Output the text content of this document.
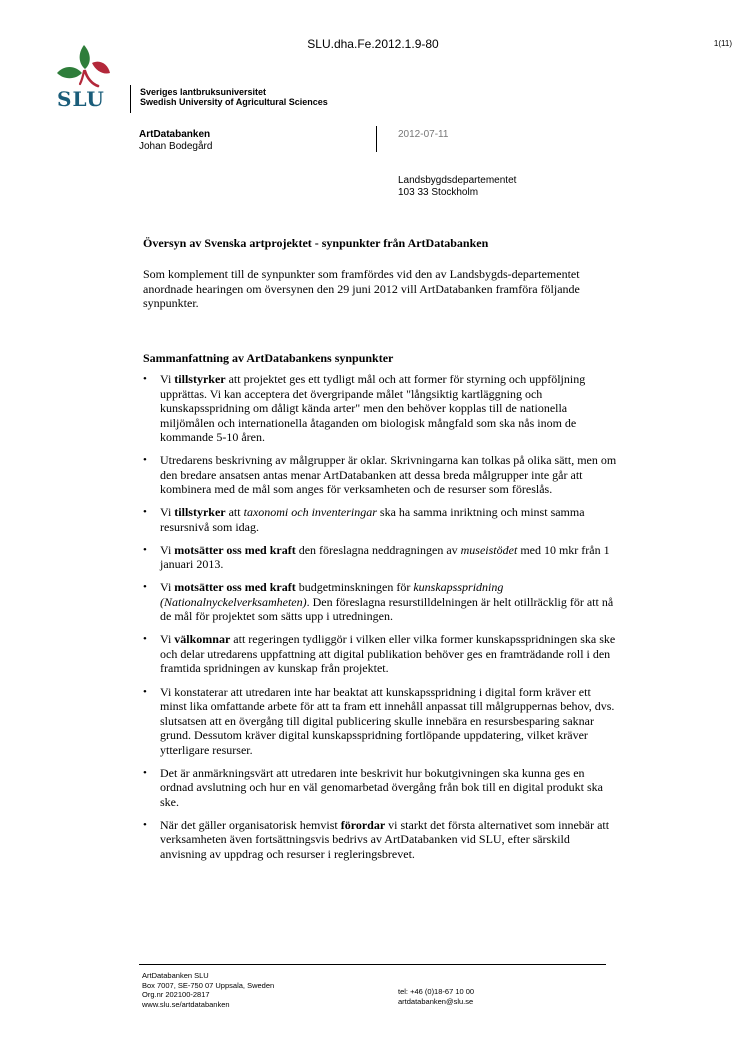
SLU.dha.Fe.2012.1.9-80	1(11)
SLU	Sveriges lantbruksuniversitet
Swedish University of Agricultural Sciences
ArtDatabanken
Johan Bodegård
2012-07-11
Landsbygdsdepartementet
103 33 Stockholm
Översyn av Svenska artprojektet - synpunkter från ArtDatabanken
Som komplement till de synpunkter som framfördes vid den av Landsbygds-departementet anordnade hearingen om översynen den 29 juni 2012 vill ArtDatabanken framföra följande synpunkter.
Sammanfattning av ArtDatabankens synpunkter
• Vi tillstyrker att projektet ges ett tydligt mål och att former för styrning och uppföljning upprättas. Vi kan acceptera det övergripande målet "långsiktig kartläggning och kunskapsspridning om dåligt kända arter" men den behöver kopplas till de nationella miljömålen och internationella åtaganden om biologisk mångfald som ska nås inom de kommande 5-10 åren.
• Utredarens beskrivning av målgrupper är oklar. Skrivningarna kan tolkas på olika sätt, men om den bredare ansatsen antas menar ArtDatabanken att dessa breda målgrupper inte går att kombinera med de mål som anges för verksamheten och de resurser som föreslås.
• Vi tillstyrker att taxonomi och inventeringar ska ha samma inriktning och minst samma resursnivå som idag.
• Vi motsätter oss med kraft den föreslagna neddragningen av museistödet med 10 mkr från 1 januari 2013.
• Vi motsätter oss med kraft budgetminskningen för kunskapsspridning (Nationalnyckelverksamheten). Den föreslagna resurstilldelningen är helt otillräcklig för att nå de mål för projektet som sätts upp i utredningen.
• Vi välkomnar att regeringen tydliggör i vilken eller vilka former kunskapsspridningen ska ske och delar utredarens uppfattning att digital publikation behöver ges en framträdande roll i den framtida spridningen av kunskap från projektet.
• Vi konstaterar att utredaren inte har beaktat att kunskapsspridning i digital form kräver ett minst lika omfattande arbete för att ta fram ett innehåll anpassat till målgruppernas behov, dvs. slutsatsen att en övergång till digital publicering skulle innebära en resursbesparing saknar grund. Dessutom kräver digital kunskapsspridning fortlöpande uppdatering, vilket kräver ytterligare resurser.
• Det är anmärkningsvärt att utredaren inte beskrivit hur bokutgivningen ska kunna ges en ordnad avslutning och hur en väl genomarbetad övergång från bok till en digital produkt ska ske.
• När det gäller organisatorisk hemvist förordar vi starkt det första alternativet som innebär att verksamheten även fortsättningsvis bedrivs av ArtDatabanken vid SLU, efter särskild anvisning av uppdrag och resurser i regleringsbrevet.
ArtDatabanken SLU
Box 7007, SE-750 07 Uppsala, Sweden
Org.nr 202100-2817
www.slu.se/artdatabanken
tel: +46 (0)18-67 10 00
artdatabanken@slu.se
